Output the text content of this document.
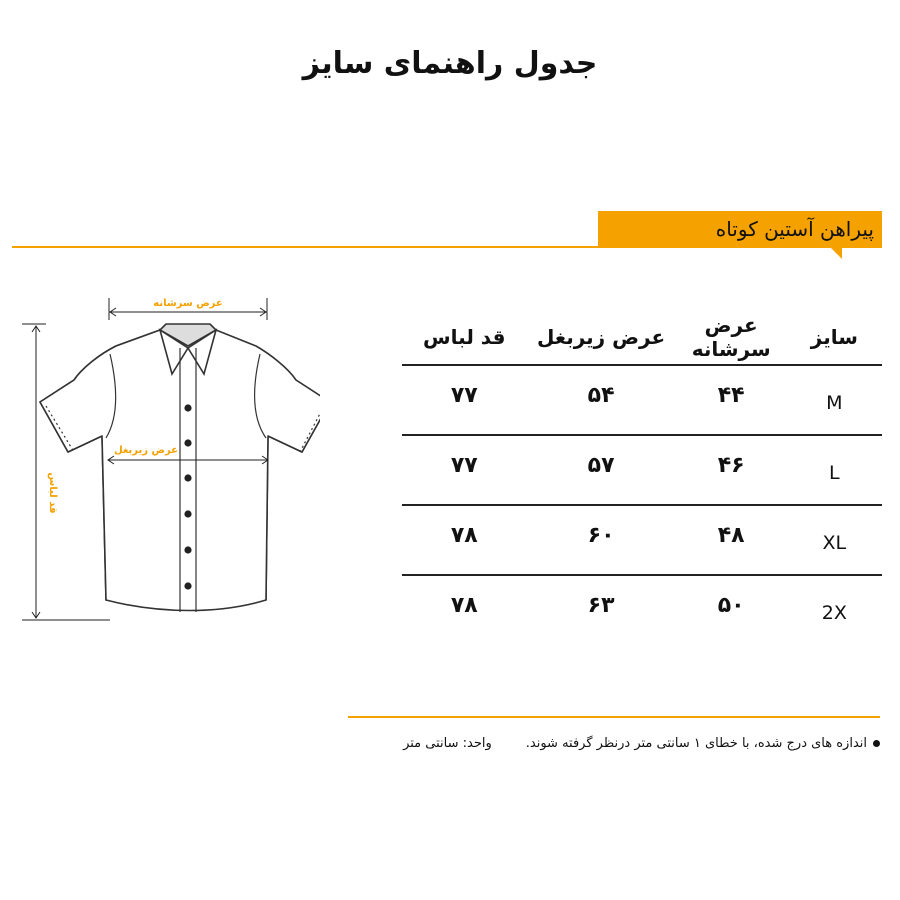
جدول راهنمای سایز
پیراهن آستین کوتاه
عرض سرشانه
قد لباس
عرض زیربغل
سایز	عرض سرشانه	عرض زیربغل	قد لباس
M	۴۴	۵۴	۷۷
L	۴۶	۵۷	۷۷
XL	۴۸	۶۰	۷۸
2X	۵۰	۶۳	۷۸
اندازه های درج شده، با خطای ۱ سانتی متر درنظر گرفته شوند.واحد: سانتی متر
